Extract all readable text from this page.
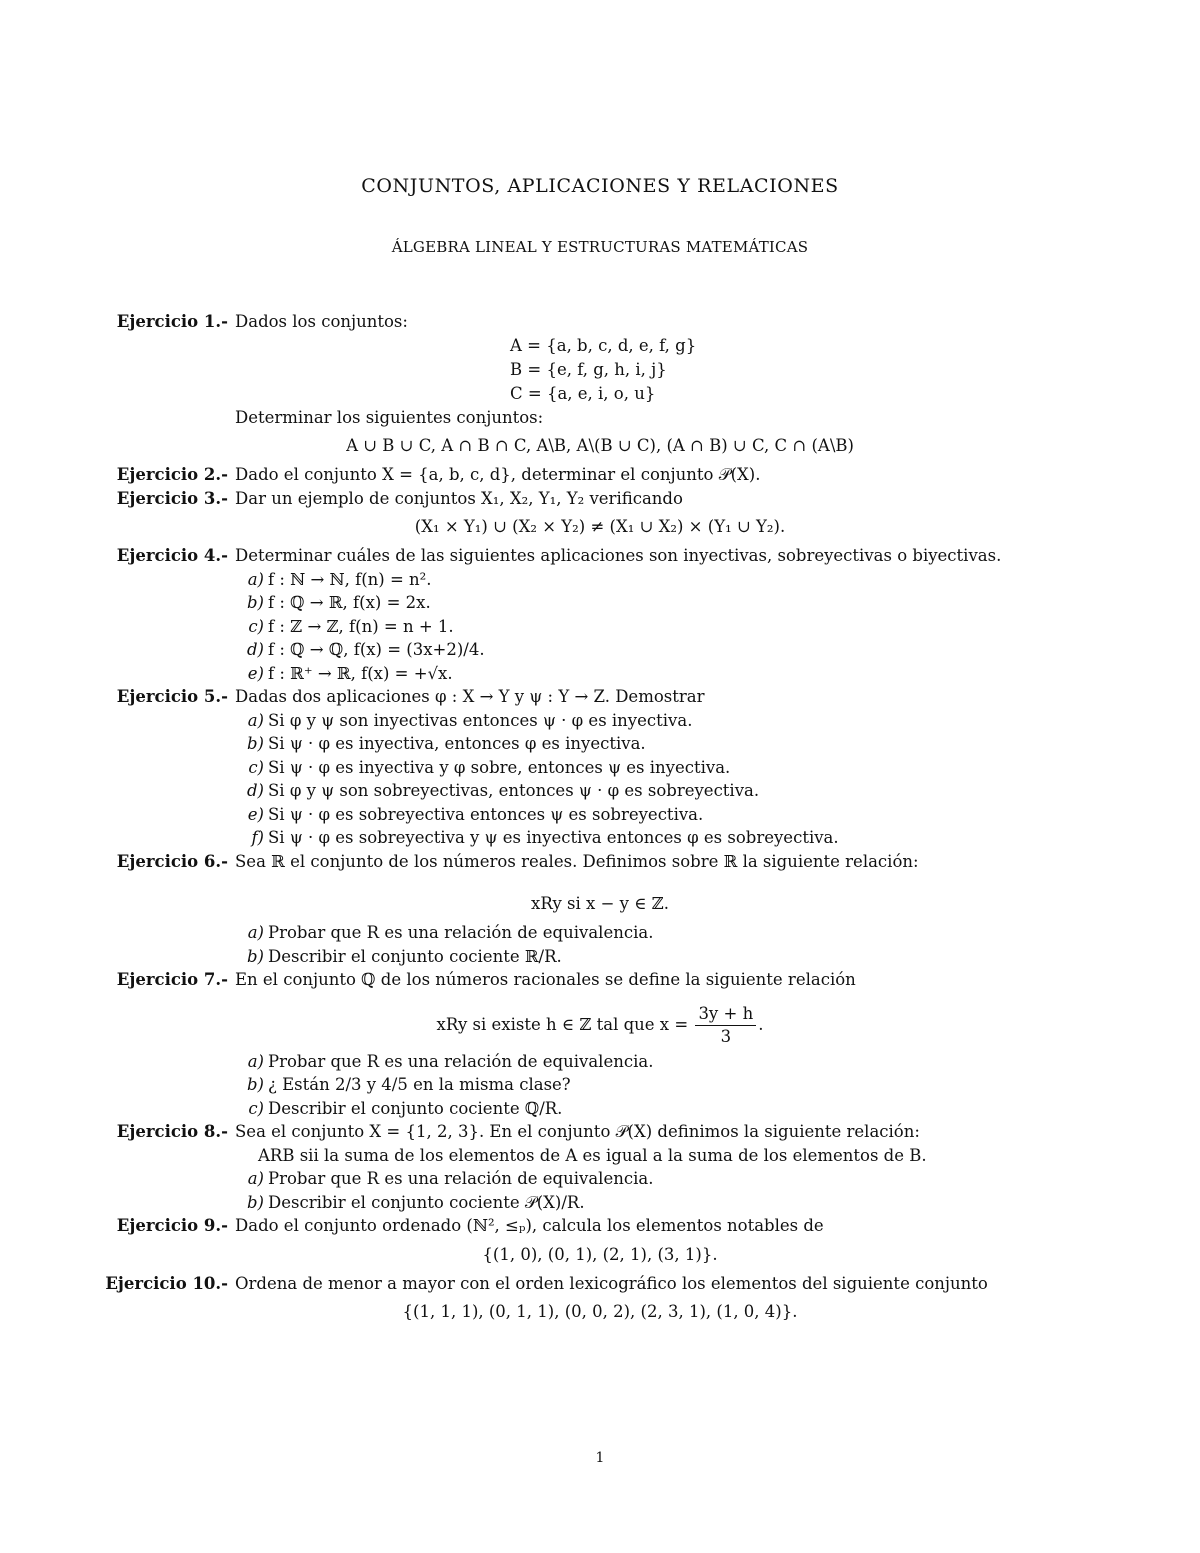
CONJUNTOS, APLICACIONES Y RELACIONES
ÁLGEBRA LINEAL Y ESTRUCTURAS MATEMÁTICAS
Ejercicio 1.- Dados los conjuntos:
A = {a, b, c, d, e, f, g}
B = {e, f, g, h, i, j}
C = {a, e, i, o, u}
Determinar los siguientes conjuntos:
A ∪ B ∪ C, A ∩ B ∩ C, A\B, A\(B ∪ C), (A ∩ B) ∪ C, C ∩ (A\B)
Ejercicio 2.- Dado el conjunto X = {a, b, c, d}, determinar el conjunto 𝒫(X).
Ejercicio 3.- Dar un ejemplo de conjuntos X₁, X₂, Y₁, Y₂ verificando
(X₁ × Y₁) ∪ (X₂ × Y₂) ≠ (X₁ ∪ X₂) × (Y₁ ∪ Y₂).
Ejercicio 4.- Determinar cuáles de las siguientes aplicaciones son inyectivas, sobreyectivas o biyectivas.
a) f : ℕ → ℕ, f(n) = n².
b) f : ℚ → ℝ, f(x) = 2x.
c) f : ℤ → ℤ, f(n) = n + 1.
d) f : ℚ → ℚ, f(x) = (3x+2)/4.
e) f : ℝ⁺ → ℝ, f(x) = +√x.
Ejercicio 5.- Dadas dos aplicaciones φ : X → Y y ψ : Y → Z. Demostrar
a) Si φ y ψ son inyectivas entonces ψ · φ es inyectiva.
b) Si ψ · φ es inyectiva, entonces φ es inyectiva.
c) Si ψ · φ es inyectiva y φ sobre, entonces ψ es inyectiva.
d) Si φ y ψ son sobreyectivas, entonces ψ · φ es sobreyectiva.
e) Si ψ · φ es sobreyectiva entonces ψ es sobreyectiva.
f) Si ψ · φ es sobreyectiva y ψ es inyectiva entonces φ es sobreyectiva.
Ejercicio 6.- Sea ℝ el conjunto de los números reales. Definimos sobre ℝ la siguiente relación:
xRy si x − y ∈ ℤ.
a) Probar que R es una relación de equivalencia.
b) Describir el conjunto cociente ℝ/R.
Ejercicio 7.- En el conjunto ℚ de los números racionales se define la siguiente relación
xRy si existe h ∈ ℤ tal que $x = \frac{3y + h}{3}$ .
a) Probar que R es una relación de equivalencia.
b) ¿ Están 2/3 y 4/5 en la misma clase?
c) Describir el conjunto cociente ℚ/R.
Ejercicio 8.- Sea el conjunto X = {1, 2, 3}. En el conjunto 𝒫(X) definimos la siguiente relación:
ARB sii la suma de los elementos de A es igual a la suma de los elementos de B.
a) Probar que R es una relación de equivalencia.
b) Describir el conjunto cociente 𝒫(X)/R.
Ejercicio 9.- Dado el conjunto ordenado (ℕ², ≤ₚ), calcula los elementos notables de
{(1, 0), (0, 1), (2, 1), (3, 1)}.
Ejercicio 10.- Ordena de menor a mayor con el orden lexicográfico los elementos del siguiente conjunto
{(1, 1, 1), (0, 1, 1), (0, 0, 2), (2, 3, 1), (1, 0, 4)}.
1
